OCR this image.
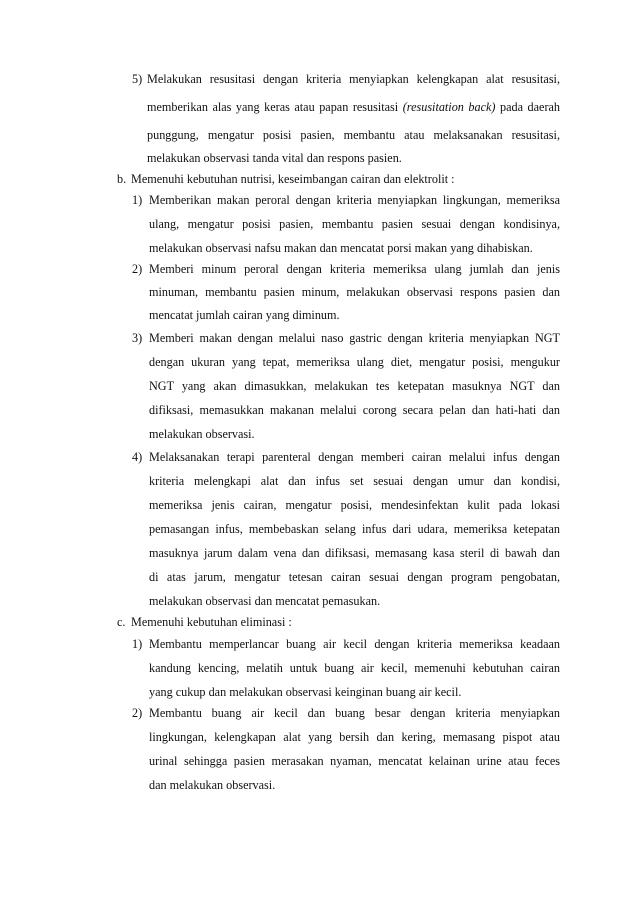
5) Melakukan resusitasi dengan kriteria menyiapkan kelengkapan alat resusitasi,
memberikan alas yang keras atau papan resusitasi (resusitation back) pada daerah
punggung, mengatur posisi pasien, membantu atau melaksanakan resusitasi,
melakukan observasi tanda vital dan respons pasien.
b. Memenuhi kebutuhan nutrisi, keseimbangan cairan dan elektrolit :
1) Memberikan makan peroral dengan kriteria menyiapkan lingkungan, memeriksa
ulang, mengatur posisi pasien, membantu pasien sesuai dengan kondisinya,
melakukan observasi nafsu makan dan mencatat porsi makan yang dihabiskan.
2) Memberi minum peroral dengan kriteria memeriksa ulang jumlah dan jenis
minuman, membantu pasien minum, melakukan observasi respons pasien dan
mencatat jumlah cairan yang diminum.
3) Memberi makan dengan melalui naso gastric dengan kriteria menyiapkan NGT
dengan ukuran yang tepat, memeriksa ulang diet, mengatur posisi, mengukur
NGT yang akan dimasukkan, melakukan tes ketepatan masuknya NGT dan
difiksasi, memasukkan makanan melalui corong secara pelan dan hati-hati dan
melakukan observasi.
4) Melaksanakan terapi parenteral dengan memberi cairan melalui infus dengan
kriteria melengkapi alat dan infus set sesuai dengan umur dan kondisi,
memeriksa jenis cairan, mengatur posisi, mendesinfektan kulit pada lokasi
pemasangan infus, membebaskan selang infus dari udara, memeriksa ketepatan
masuknya jarum dalam vena dan difiksasi, memasang kasa steril di bawah dan
di atas jarum, mengatur tetesan cairan sesuai dengan program pengobatan,
melakukan observasi dan mencatat pemasukan.
c. Memenuhi kebutuhan eliminasi :
1) Membantu memperlancar buang air kecil dengan kriteria memeriksa keadaan
kandung kencing, melatih untuk buang air kecil, memenuhi kebutuhan cairan
yang cukup dan melakukan observasi keinginan buang air kecil.
2) Membantu buang air kecil dan buang besar dengan kriteria menyiapkan
lingkungan, kelengkapan alat yang bersih dan kering, memasang pispot atau
urinal sehingga pasien merasakan nyaman, mencatat kelainan urine atau feces
dan melakukan observasi.
